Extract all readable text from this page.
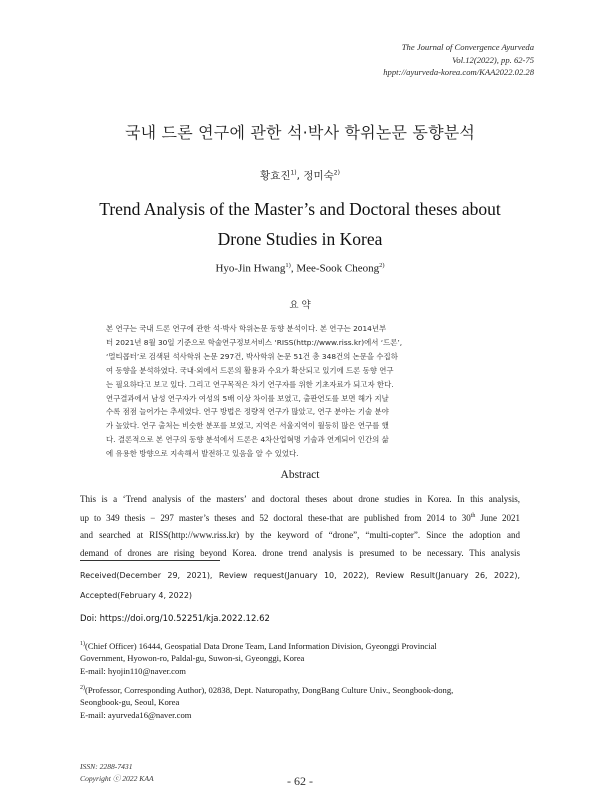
The Journal of Convergence Ayurveda
Vol.12(2022), pp. 62-75
hppt://ayurveda-korea.com/KAA2022.02.28
국내 드론 연구에 관한 석·박사 학위논문 동향분석
황효진$^{1)}$, 정미숙$^{2)}$
Trend Analysis of the Master’s and Doctoral theses about
Drone Studies in Korea
Hyo-Jin Hwang$^{1)}$, Mee-Sook Cheong$^{2)}$
요 약
본 연구는 국내 드론 연구에 관한 석·박사 학위논문 동향 분석이다. 본 연구는 2014년부
터 2021년 8월 30일 기준으로 학술연구정보서비스 ‘RISS(http://www.riss.kr)에서 ‘드론’,
‘멀티콥터’로 검색된 석사학위 논문 297건, 박사학위 논문 51건 총 348건의 논문을 수집하
여 동향을 분석하였다. 국내·외에서 드론의 활용과 수요가 확산되고 있기에 드론 동향 연구
는 필요하다고 보고 있다. 그리고 연구목적은 차기 연구자를 위한 기초자료가 되고자 한다.
연구결과에서 남성 연구자가 여성의 5배 이상 차이를 보였고, 출판연도를 보면 해가 지날
수록 점점 늘어가는 추세였다. 연구 방법은 정량적 연구가 많았고, 연구 분야는 기술 분야
가 높았다. 연구 출처는 비슷한 분포를 보였고, 지역은 서울지역이 월등히 많은 연구를 했
다. 결론적으로 본 연구의 동향 분석에서 드론은 4차산업혁명 기술과 연계되어 인간의 삶
에 유용한 방향으로 지속해서 발전하고 있음을 알 수 있었다.
Abstract
This is a ‘Trend analysis of the masters’ and doctoral theses about drone studies in Korea. In this analysis,
up to 349 thesis − 297 master’s theses and 52 doctoral these-that are published from 2014 to 30th June 2021
and searched at RISS(http://www.riss.kr) by the keyword of “drone”, “multi-copter”. Since the adoption and
demand of drones are rising beyond Korea. drone trend analysis is presumed to be necessary. This analysis
Received(December 29, 2021), Review request(January 10, 2022), Review Result(January 26, 2022),
Accepted(February 4, 2022)
Doi: https://doi.org/10.52251/kja.2022.12.62

$^{1)}$(Chief Officer) 16444, Geospatial Data Drone Team, Land Information Division, Gyeonggi Provincial
Government, Hyowon-ro, Paldal-gu, Suwon-si, Gyeonggi, Korea
E-mail: hyojin110@naver.com

$^{2)}$(Professor, Corresponding Author), 02838, Dept. Naturopathy, DongBang Culture Univ., Seongbook-dong,
Seongbook-gu, Seoul, Korea
E-mail: ayurveda16@naver.com

ISSN: 2288-7431
Copyright ⓒ 2022 KAA	- 62 -
